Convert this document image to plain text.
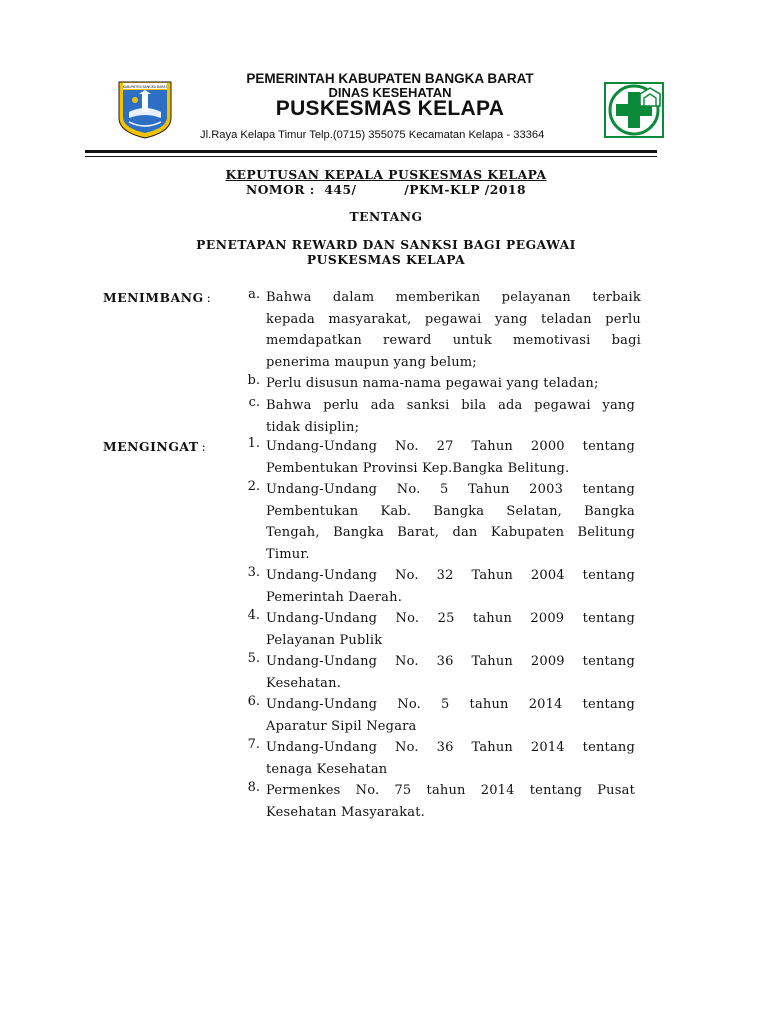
KABUPATEN BANGKA BARAT
PEMERINTAH KABUPATEN BANGKA BARAT
DINAS KESEHATAN
PUSKESMAS KELAPA
Jl.Raya Kelapa Timur Telp.(0715) 355075 Kecamatan Kelapa - 33364
KEPUTUSAN KEPALA PUSKESMAS KELAPA
NOMOR :  445/          /PKM-KLP /2018
TENTANG
PENETAPAN REWARD DAN SANKSI BAGI PEGAWAI
PUSKESMAS KELAPA
MENIMBANG :	a. Bahwa dalam memberikan pelayanan terbaik
kepada masyarakat, pegawai yang teladan perlu
memdapatkan reward untuk memotivasi bagi
penerima maupun yang belum;
b. Perlu disusun nama-nama pegawai yang teladan;
c. Bahwa perlu ada sanksi bila ada pegawai yang
tidak disiplin;
MENGINGAT :	1. Undang-Undang No. 27 Tahun 2000 tentang
Pembentukan Provinsi Kep.Bangka Belitung.
2. Undang-Undang No. 5 Tahun 2003 tentang
Pembentukan Kab. Bangka Selatan, Bangka
Tengah, Bangka Barat, dan Kabupaten Belitung
Timur.
3. Undang-Undang No. 32 Tahun 2004 tentang
Pemerintah Daerah.
4. Undang-Undang No. 25 tahun 2009 tentang
Pelayanan Publik
5. Undang-Undang No. 36 Tahun 2009 tentang
Kesehatan.
6. Undang-Undang No. 5 tahun 2014 tentang
Aparatur Sipil Negara
7. Undang-Undang No. 36 Tahun 2014 tentang
tenaga Kesehatan
8. Permenkes No. 75 tahun 2014 tentang Pusat
Kesehatan Masyarakat.
